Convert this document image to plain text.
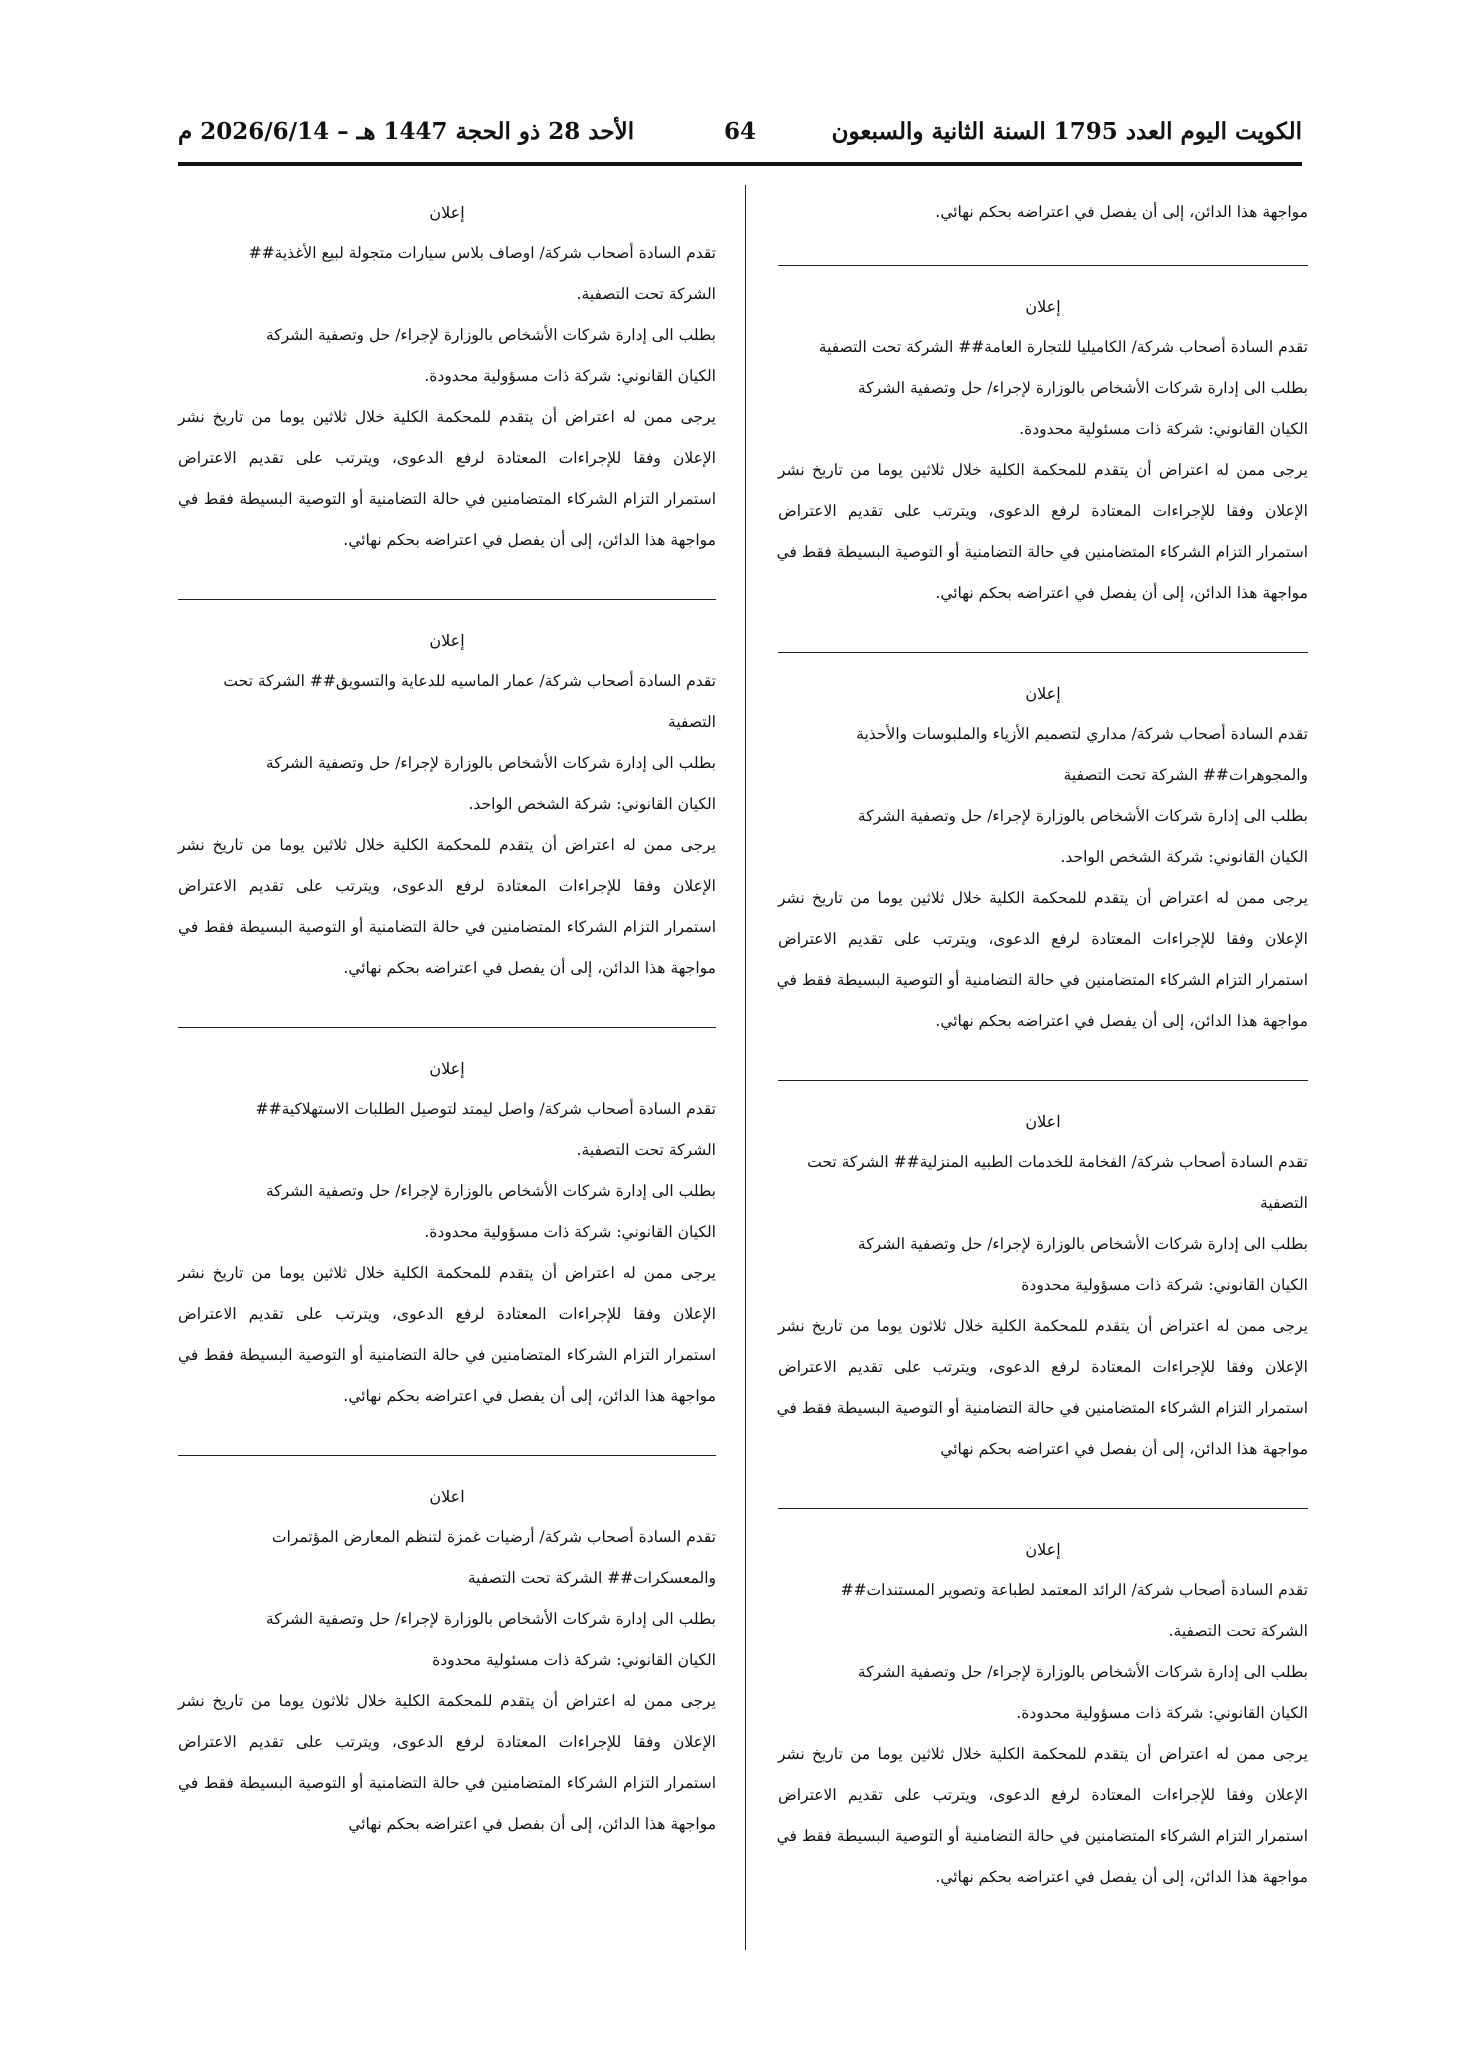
الكويت اليوم العدد 1795 السنة الثانية والسبعون
64
الأحد 28 ذو الحجة 1447 هـ – 2026/6/14 م
مواجهة هذا الدائن، إلى أن يفصل في اعتراضه بحكم نهائي.
إعلان
تقدم السادة أصحاب شركة/ الكاميليا للتجارة العامة## الشركة تحت التصفية
بطلب الى إدارة شركات الأشخاص بالوزارة لإجراء/ حل وتصفية الشركة
الكيان القانوني: شركة ذات مسئولية محدودة.
يرجى ممن له اعتراض أن يتقدم للمحكمة الكلية خلال ثلاثين يوما من تاريخ نشر
الإعلان وفقا للإجراءات المعتادة لرفع الدعوى، ويترتب على تقديم الاعتراض
استمرار التزام الشركاء المتضامنين في حالة التضامنية أو التوصية البسيطة فقط في
مواجهة هذا الدائن، إلى أن يفصل في اعتراضه بحكم نهائي.
إعلان
تقدم السادة أصحاب شركة/ مداري لتصميم الأزياء والملبوسات والأحذية
والمجوهرات## الشركة تحت التصفية
بطلب الى إدارة شركات الأشخاص بالوزارة لإجراء/ حل وتصفية الشركة
الكيان القانوني: شركة الشخص الواحد.
يرجى ممن له اعتراض أن يتقدم للمحكمة الكلية خلال ثلاثين يوما من تاريخ نشر
الإعلان وفقا للإجراءات المعتادة لرفع الدعوى، ويترتب على تقديم الاعتراض
استمرار التزام الشركاء المتضامنين في حالة التضامنية أو التوصية البسيطة فقط في
مواجهة هذا الدائن، إلى أن يفصل في اعتراضه بحكم نهائي.
اعلان
تقدم السادة أصحاب شركة/ الفخامة للخدمات الطبيه المنزلية## الشركة تحت
التصفية
بطلب الى إدارة شركات الأشخاص بالوزارة لإجراء/ حل وتصفية الشركة
الكيان القانوني: شركة ذات مسؤولية محدودة
يرجى ممن له اعتراض أن يتقدم للمحكمة الكلية خلال ثلاثون يوما من تاريخ نشر
الإعلان وفقا للإجراءات المعتادة لرفع الدعوى، ويترتب على تقديم الاعتراض
استمرار التزام الشركاء المتضامنين في حالة التضامنية أو التوصية البسيطة فقط في
مواجهة هذا الدائن، إلى أن بفصل في اعتراضه بحكم نهائي
إعلان
تقدم السادة أصحاب شركة/ الرائد المعتمد لطباعة وتصوير المستندات##
الشركة تحت التصفية.
بطلب الى إدارة شركات الأشخاص بالوزارة لإجراء/ حل وتصفية الشركة
الكيان القانوني: شركة ذات مسؤولية محدودة.
يرجى ممن له اعتراض أن يتقدم للمحكمة الكلية خلال ثلاثين يوما من تاريخ نشر
الإعلان وفقا للإجراءات المعتادة لرفع الدعوى، ويترتب على تقديم الاعتراض
استمرار التزام الشركاء المتضامنين في حالة التضامنية أو التوصية البسيطة فقط في
مواجهة هذا الدائن، إلى أن يفصل في اعتراضه بحكم نهائي.
إعلان
تقدم السادة أصحاب شركة/ اوصاف بلاس سيارات متجولة لبيع الأغذية##
الشركة تحت التصفية.
بطلب الى إدارة شركات الأشخاص بالوزارة لإجراء/ حل وتصفية الشركة
الكيان القانوني: شركة ذات مسؤولية محدودة.
يرجى ممن له اعتراض أن يتقدم للمحكمة الكلية خلال ثلاثين يوما من تاريخ نشر
الإعلان وفقا للإجراءات المعتادة لرفع الدعوى، ويترتب على تقديم الاعتراض
استمرار التزام الشركاء المتضامنين في حالة التضامنية أو التوصية البسيطة فقط في
مواجهة هذا الدائن، إلى أن يفصل في اعتراضه بحكم نهائي.
إعلان
تقدم السادة أصحاب شركة/ عمار الماسيه للدعاية والتسويق## الشركة تحت
التصفية
بطلب الى إدارة شركات الأشخاص بالوزارة لإجراء/ حل وتصفية الشركة
الكيان القانوني: شركة الشخص الواحد.
يرجى ممن له اعتراض أن يتقدم للمحكمة الكلية خلال ثلاثين يوما من تاريخ نشر
الإعلان وفقا للإجراءات المعتادة لرفع الدعوى، ويترتب على تقديم الاعتراض
استمرار التزام الشركاء المتضامنين في حالة التضامنية أو التوصية البسيطة فقط في
مواجهة هذا الدائن، إلى أن يفصل في اعتراضه بحكم نهائي.
إعلان
تقدم السادة أصحاب شركة/ واصل ليمتد لتوصيل الطلبات الاستهلاكية##
الشركة تحت التصفية.
بطلب الى إدارة شركات الأشخاص بالوزارة لإجراء/ حل وتصفية الشركة
الكيان القانوني: شركة ذات مسؤولية محدودة.
يرجى ممن له اعتراض أن يتقدم للمحكمة الكلية خلال ثلاثين يوما من تاريخ نشر
الإعلان وفقا للإجراءات المعتادة لرفع الدعوى، ويترتب على تقديم الاعتراض
استمرار التزام الشركاء المتضامنين في حالة التضامنية أو التوصية البسيطة فقط في
مواجهة هذا الدائن، إلى أن يفصل في اعتراضه بحكم نهائي.
اعلان
تقدم السادة أصحاب شركة/ أرضيات غمزة لتنظم المعارض المؤتمرات
والمعسكرات## الشركة تحت التصفية
بطلب الى إدارة شركات الأشخاص بالوزارة لإجراء/ حل وتصفية الشركة
الكيان القانوني: شركة ذات مسئولية محدودة
يرجى ممن له اعتراض أن يتقدم للمحكمة الكلية خلال ثلاثون يوما من تاريخ نشر
الإعلان وفقا للإجراءات المعتادة لرفع الدعوى، ويترتب على تقديم الاعتراض
استمرار التزام الشركاء المتضامنين في حالة التضامنية أو التوصية البسيطة فقط في
مواجهة هذا الدائن، إلى أن بفصل في اعتراضه بحكم نهائي
